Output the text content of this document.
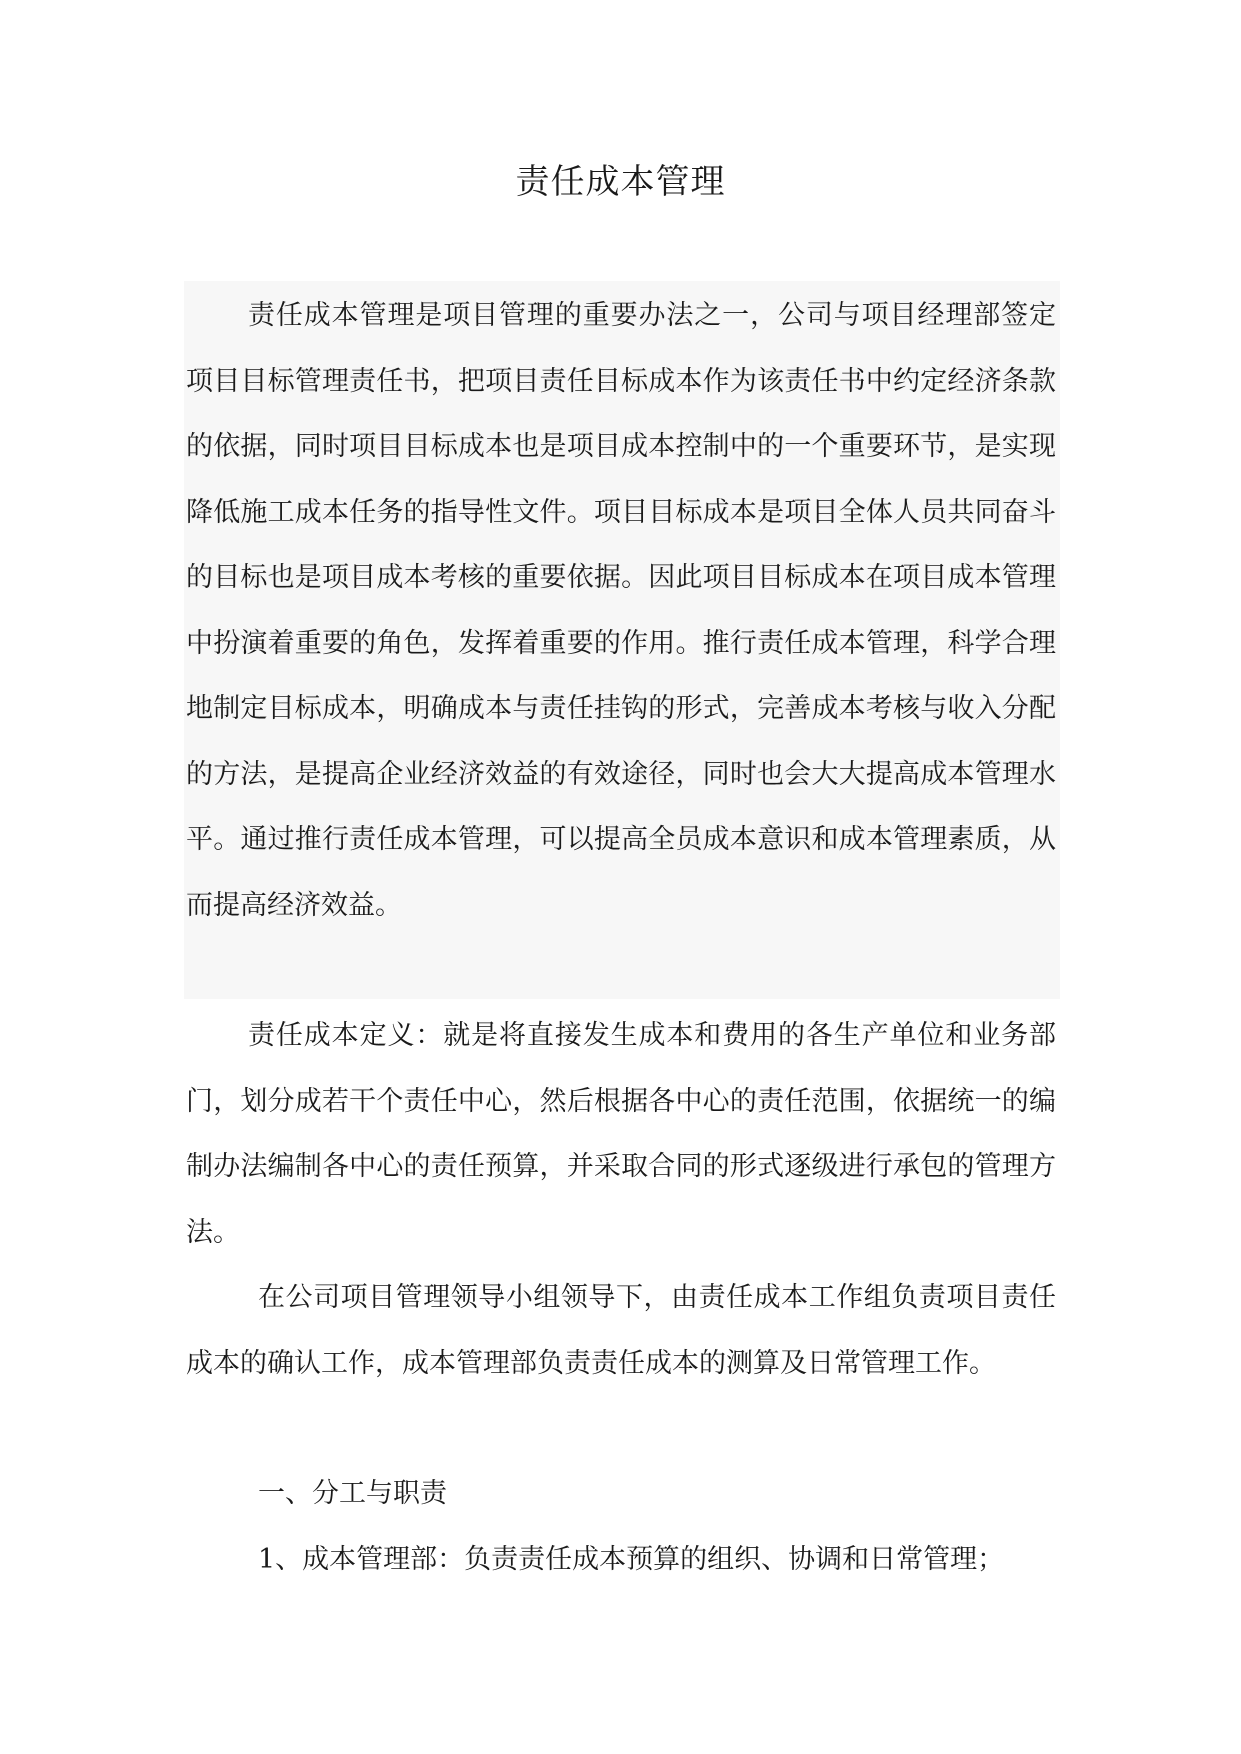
责任成本管理

责任成本管理是项目管理的重要办法之一，公司与项目经理部签定项目目标管理责任书，把项目责任目标成本作为该责任书中约定经济条款的依据，同时项目目标成本也是项目成本控制中的一个重要环节，是实现降低施工成本任务的指导性文件。项目目标成本是项目全体人员共同奋斗的目标也是项目成本考核的重要依据。因此项目目标成本在项目成本管理中扮演着重要的角色，发挥着重要的作用。推行责任成本管理，科学合理地制定目标成本，明确成本与责任挂钩的形式，完善成本考核与收入分配的方法，是提高企业经济效益的有效途径，同时也会大大提高成本管理水平。通过推行责任成本管理，可以提高全员成本意识和成本管理素质，从而提高经济效益。

责任成本定义：就是将直接发生成本和费用的各生产单位和业务部门，划分成若干个责任中心，然后根据各中心的责任范围，依据统一的编制办法编制各中心的责任预算，并采取合同的形式逐级进行承包的管理方法。

在公司项目管理领导小组领导下，由责任成本工作组负责项目责任成本的确认工作，成本管理部负责责任成本的测算及日常管理工作。

一、分工与职责

1、成本管理部：负责责任成本预算的组织、协调和日常管理；
